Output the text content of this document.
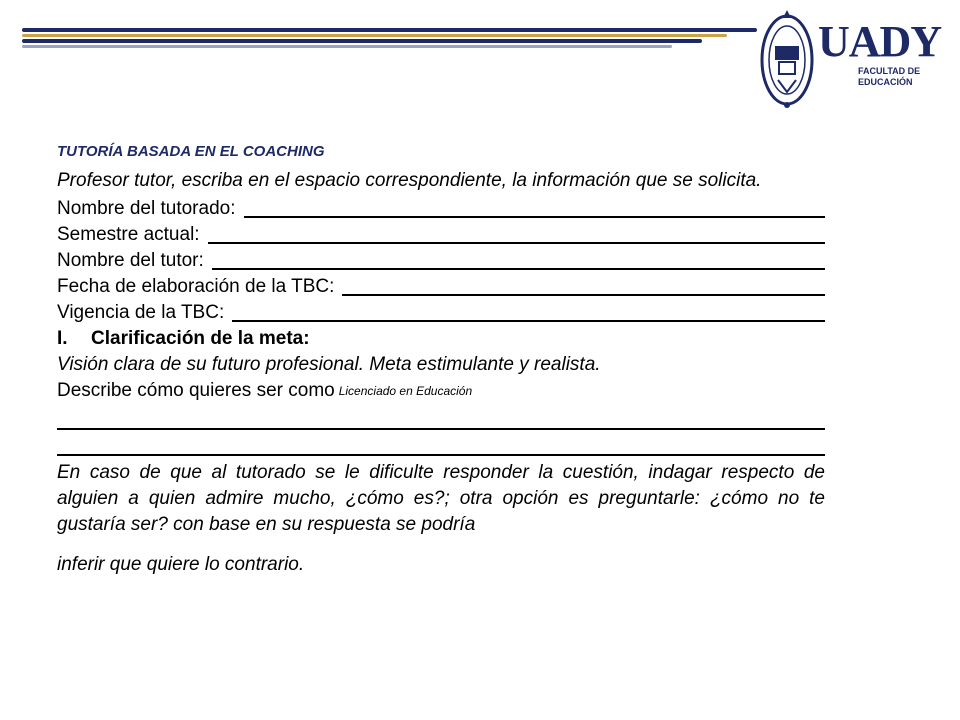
UADY
FACULTAD DE
EDUCACIÓN
TUTORÍA BASADA EN EL COACHING
Profesor tutor, escriba en el espacio correspondiente, la información que se solicita.
Nombre del tutorado:
Semestre actual:
Nombre del tutor:
Fecha de elaboración de la TBC:
Vigencia de la TBC:
I. Clarificación de la meta:
Visión clara de su futuro profesional. Meta estimulante y realista.
Describe cómo quieres ser como Licenciado en Educación
En caso de que al tutorado se le dificulte responder la cuestión, indagar respecto de alguien a quien admire mucho, ¿cómo es?; otra opción es preguntarle: ¿cómo no te gustaría ser? con base en su respuesta se podría
inferir que quiere lo contrario.
